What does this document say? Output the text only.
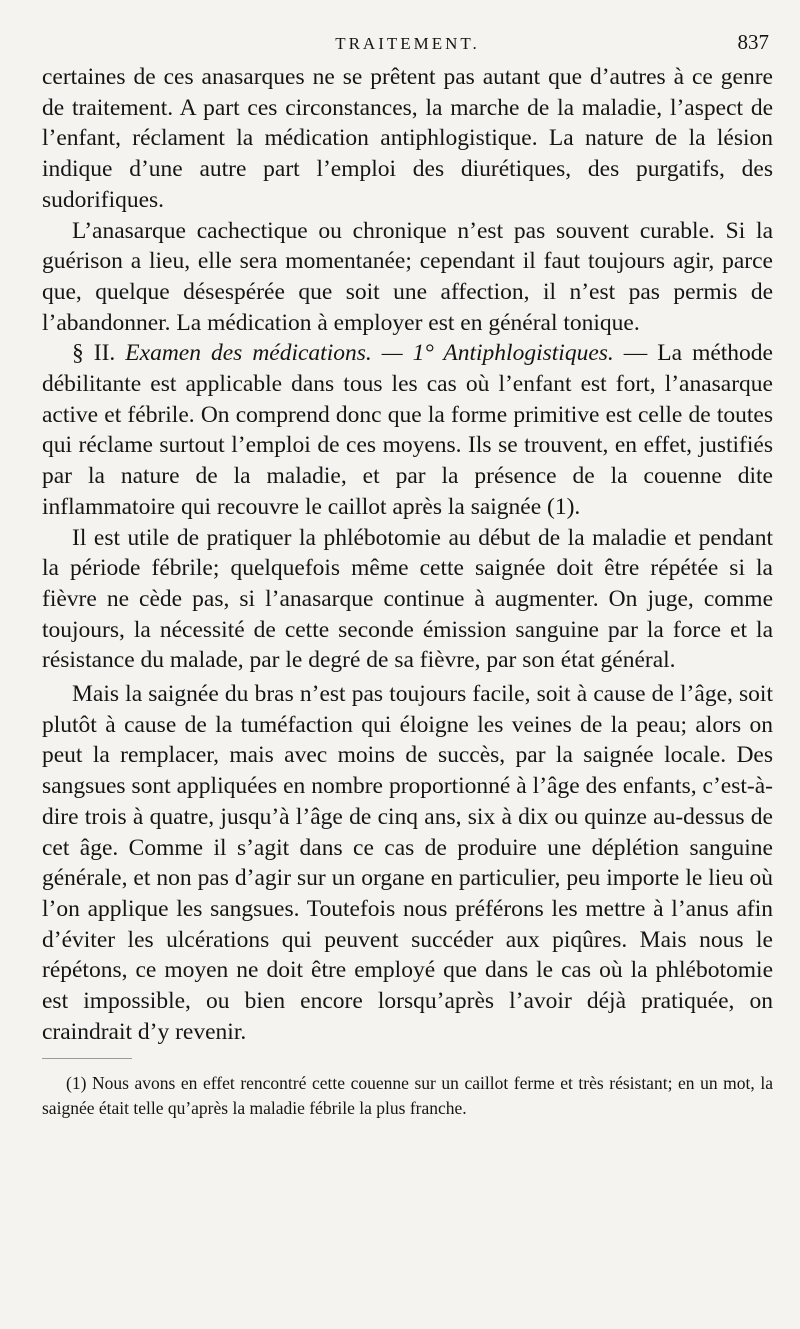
TRAITEMENT.	837

certaines de ces anasarques ne se prêtent pas autant que d’autres à ce genre de traitement. A part ces circonstances, la marche de la maladie, l’aspect de l’enfant, réclament la médication antiphlogistique. La nature de la lésion indique d’une autre part l’emploi des diurétiques, des purgatifs, des sudorifiques.

L’anasarque cachectique ou chronique n’est pas souvent curable. Si la guérison a lieu, elle sera momentanée; cependant il faut toujours agir, parce que, quelque désespérée que soit une affection, il n’est pas permis de l’abandonner. La médication à employer est en général tonique.

§ II. Examen des médications. — 1° Antiphlogistiques. — La méthode débilitante est applicable dans tous les cas où l’enfant est fort, l’anasarque active et fébrile. On comprend donc que la forme primitive est celle de toutes qui réclame surtout l’emploi de ces moyens. Ils se trouvent, en effet, justifiés par la nature de la maladie, et par la présence de la couenne dite inflammatoire qui recouvre le caillot après la saignée (1).

Il est utile de pratiquer la phlébotomie au début de la maladie et pendant la période fébrile; quelquefois même cette saignée doit être répétée si la fièvre ne cède pas, si l’anasarque continue à augmenter. On juge, comme toujours, la nécessité de cette seconde émission sanguine par la force et la résistance du malade, par le degré de sa fièvre, par son état général.

Mais la saignée du bras n’est pas toujours facile, soit à cause de l’âge, soit plutôt à cause de la tuméfaction qui éloigne les veines de la peau; alors on peut la remplacer, mais avec moins de succès, par la saignée locale. Des sangsues sont appliquées en nombre proportionné à l’âge des enfants, c’est-à-dire trois à quatre, jusqu’à l’âge de cinq ans, six à dix ou quinze au-dessus de cet âge. Comme il s’agit dans ce cas de produire une déplétion sanguine générale, et non pas d’agir sur un organe en particulier, peu importe le lieu où l’on applique les sangsues. Toutefois nous préférons les mettre à l’anus afin d’éviter les ulcérations qui peuvent succéder aux piqûres. Mais nous le répétons, ce moyen ne doit être employé que dans le cas où la phlébotomie est impossible, ou bien encore lorsqu’après l’avoir déjà pratiquée, on craindrait d’y revenir.

(1) Nous avons en effet rencontré cette couenne sur un caillot ferme et très résistant; en un mot, la saignée était telle qu’après la maladie fébrile la plus franche.
